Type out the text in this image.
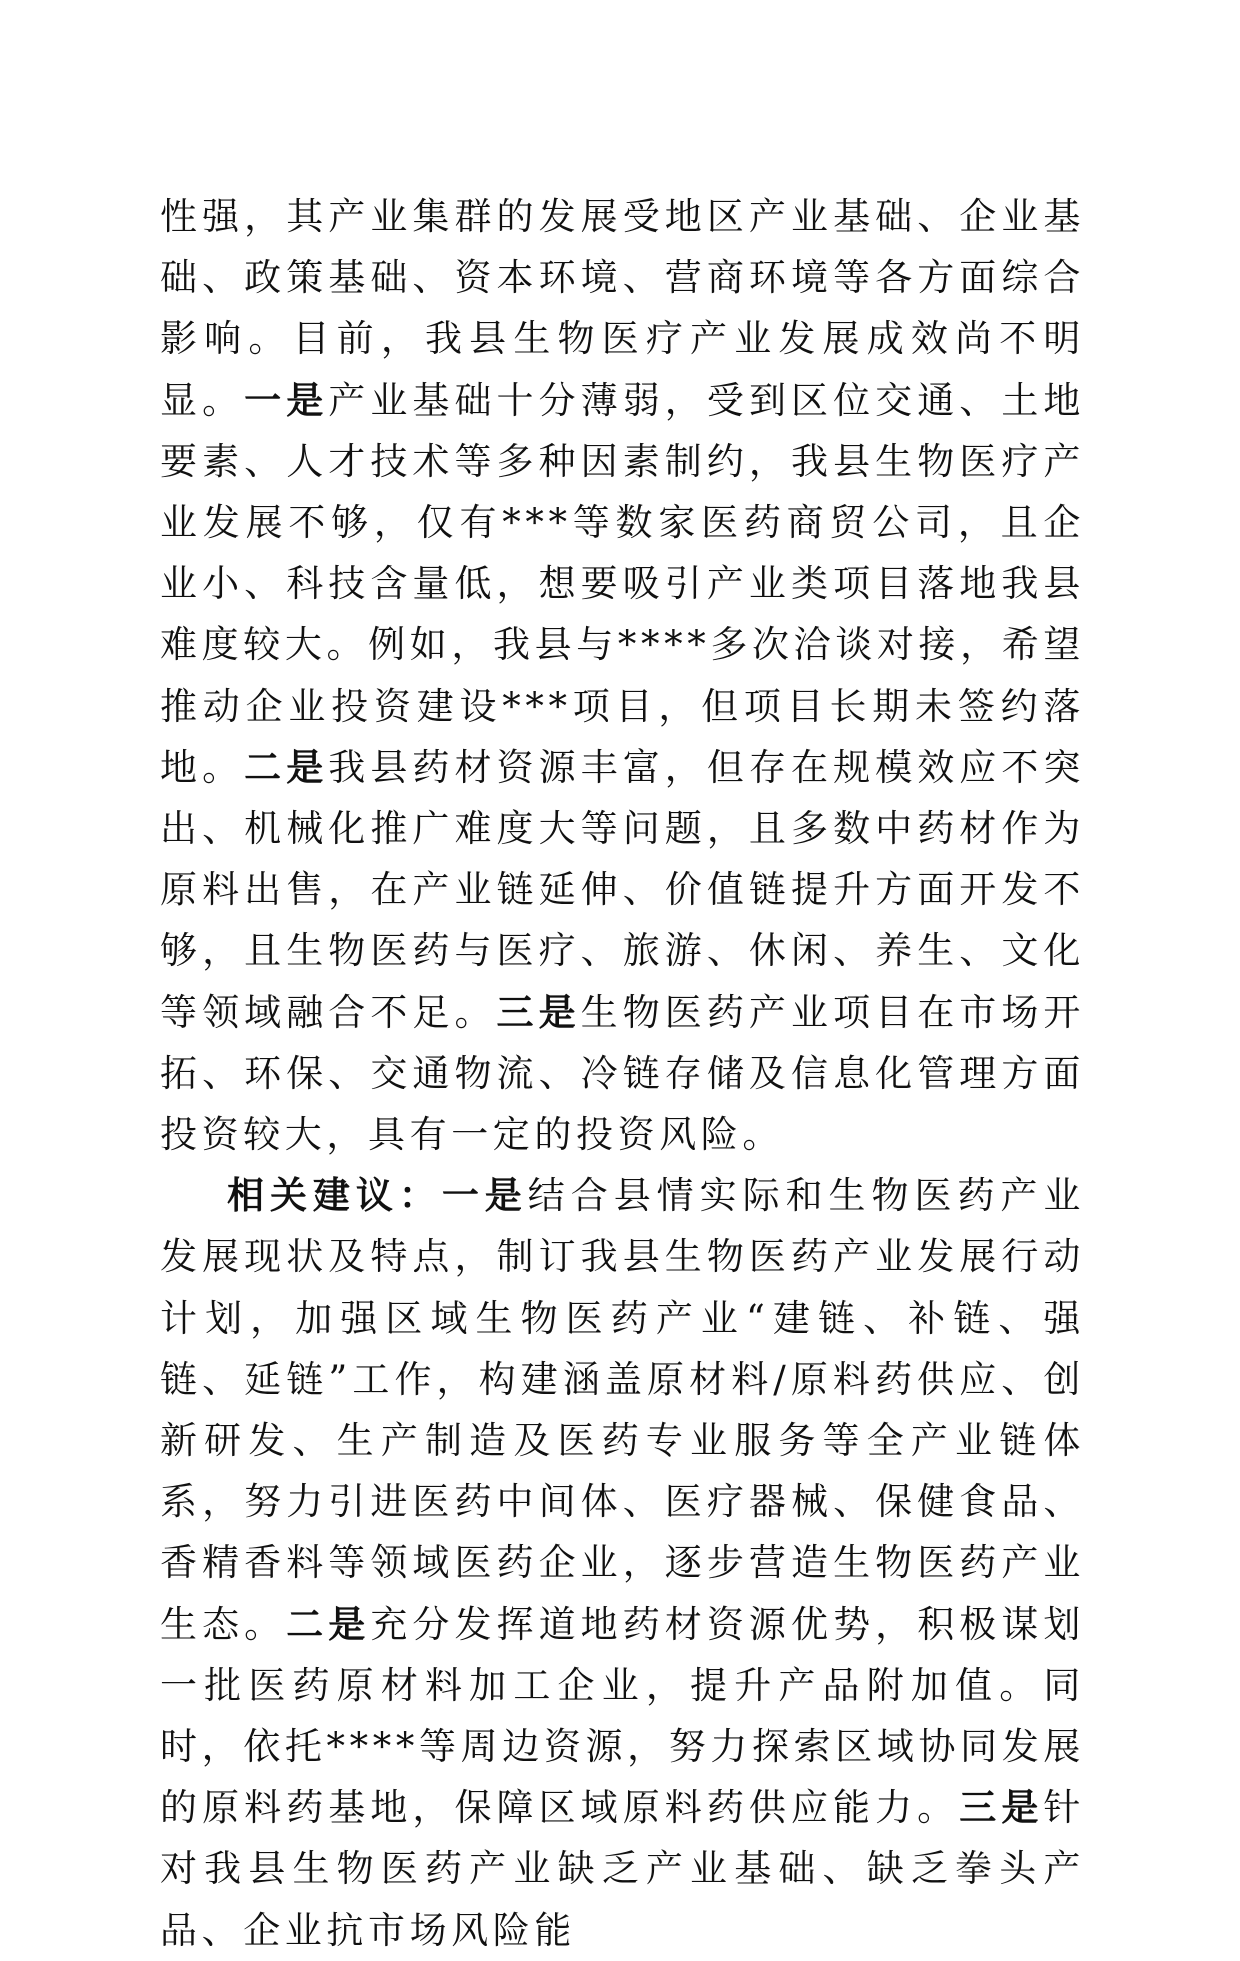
性强，其产业集群的发展受地区产业基础、企业基础、政策基础、资本环境、营商环境等各方面综合影响。目前，我县生物医疗产业发展成效尚不明显。一是产业基础十分薄弱，受到区位交通、土地要素、人才技术等多种因素制约，我县生物医疗产业发展不够，仅有***等数家医药商贸公司，且企业小、科技含量低，想要吸引产业类项目落地我县难度较大。例如，我县与****多次洽谈对接，希望推动企业投资建设***项目，但项目长期未签约落地。二是我县药材资源丰富，但存在规模效应不突出、机械化推广难度大等问题，且多数中药材作为原料出售，在产业链延伸、价值链提升方面开发不够，且生物医药与医疗、旅游、休闲、养生、文化等领域融合不足。三是生物医药产业项目在市场开拓、环保、交通物流、冷链存储及信息化管理方面投资较大，具有一定的投资风险。

相关建议：一是结合县情实际和生物医药产业发展现状及特点，制订我县生物医药产业发展行动计划，加强区域生物医药产业“建链、补链、强链、延链”工作，构建涵盖原材料/原料药供应、创新研发、生产制造及医药专业服务等全产业链体系，努力引进医药中间体、医疗器械、保健食品、香精香料等领域医药企业，逐步营造生物医药产业生态。二是充分发挥道地药材资源优势，积极谋划一批医药原材料加工企业，提升产品附加值。同时，依托****等周边资源，努力探索区域协同发展的原料药基地，保障区域原料药供应能力。三是针对我县生物医药产业缺乏产业基础、缺乏拳头产品、企业抗市场风险能
